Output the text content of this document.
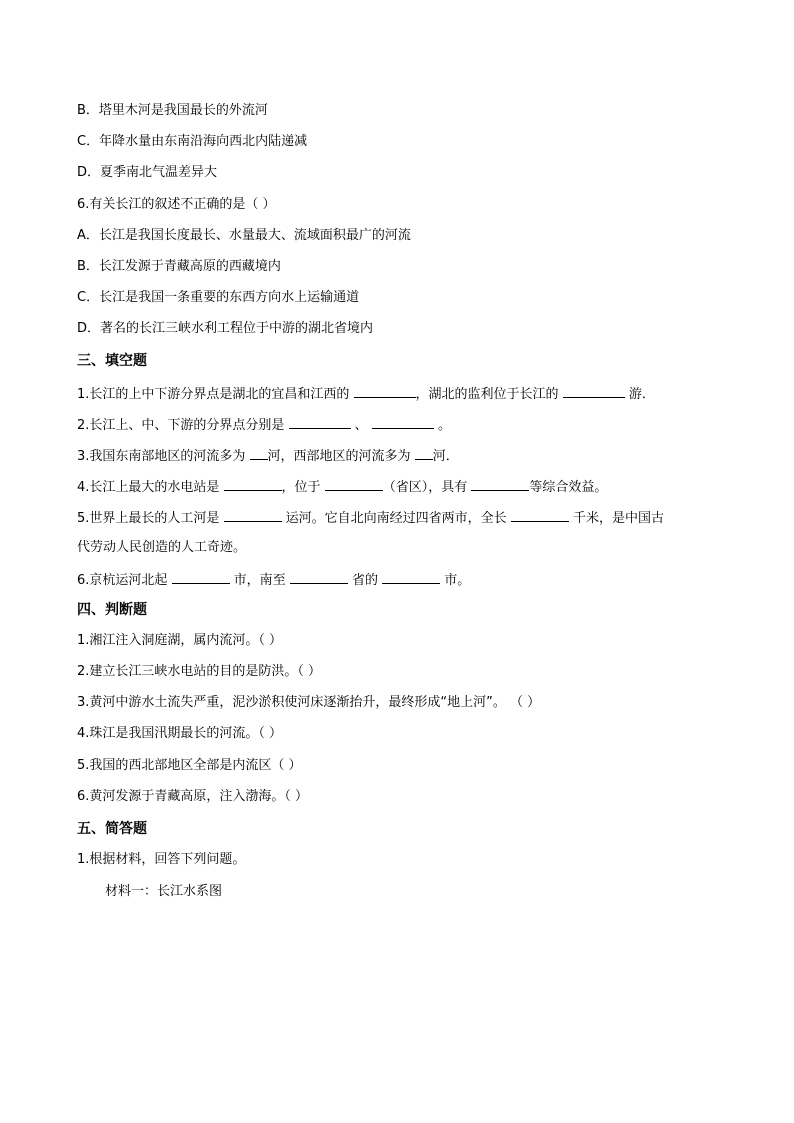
B．塔里木河是我国最长的外流河
C．年降水量由东南沿海向西北内陆递减
D．夏季南北气温差异大
6.有关长江的叙述不正确的是（ ）
A．长江是我国长度最长、水量最大、流域面积最广的河流
B．长江发源于青藏高原的西藏境内
C．长江是我国一条重要的东西方向水上运输通道
D．著名的长江三峡水利工程位于中游的湖北省境内
三、填空题
1.长江的上中下游分界点是湖北的宜昌和江西的	，湖北的监利位于长江的	游．
2.长江上、中、下游的分界点分别是	、	。
3.我国东南部地区的河流多为 河，西部地区的河流多为 河．
4.长江上最大的水电站是	，位于	（省区），具有	等综合效益。
5.世界上最长的人工河是	运河。它自北向南经过四省两市，全长	千米，是中国古
代劳动人民创造的人工奇迹。
6.京杭运河北起	市，南至	省的	市。
四、判断题
1.湘江注入洞庭湖，属内流河。（ ）
2.建立长江三峡水电站的目的是防洪。（ ）
3.黄河中游水土流失严重，泥沙淤积使河床逐渐抬升，最终形成“地上河”。 （ ）
4.珠江是我国汛期最长的河流。（ ）
5.我国的西北部地区全部是内流区（ ）
6.黄河发源于青藏高原，注入渤海。（ ）
五、简答题
1.根据材料，回答下列问题。
材料一：长江水系图
